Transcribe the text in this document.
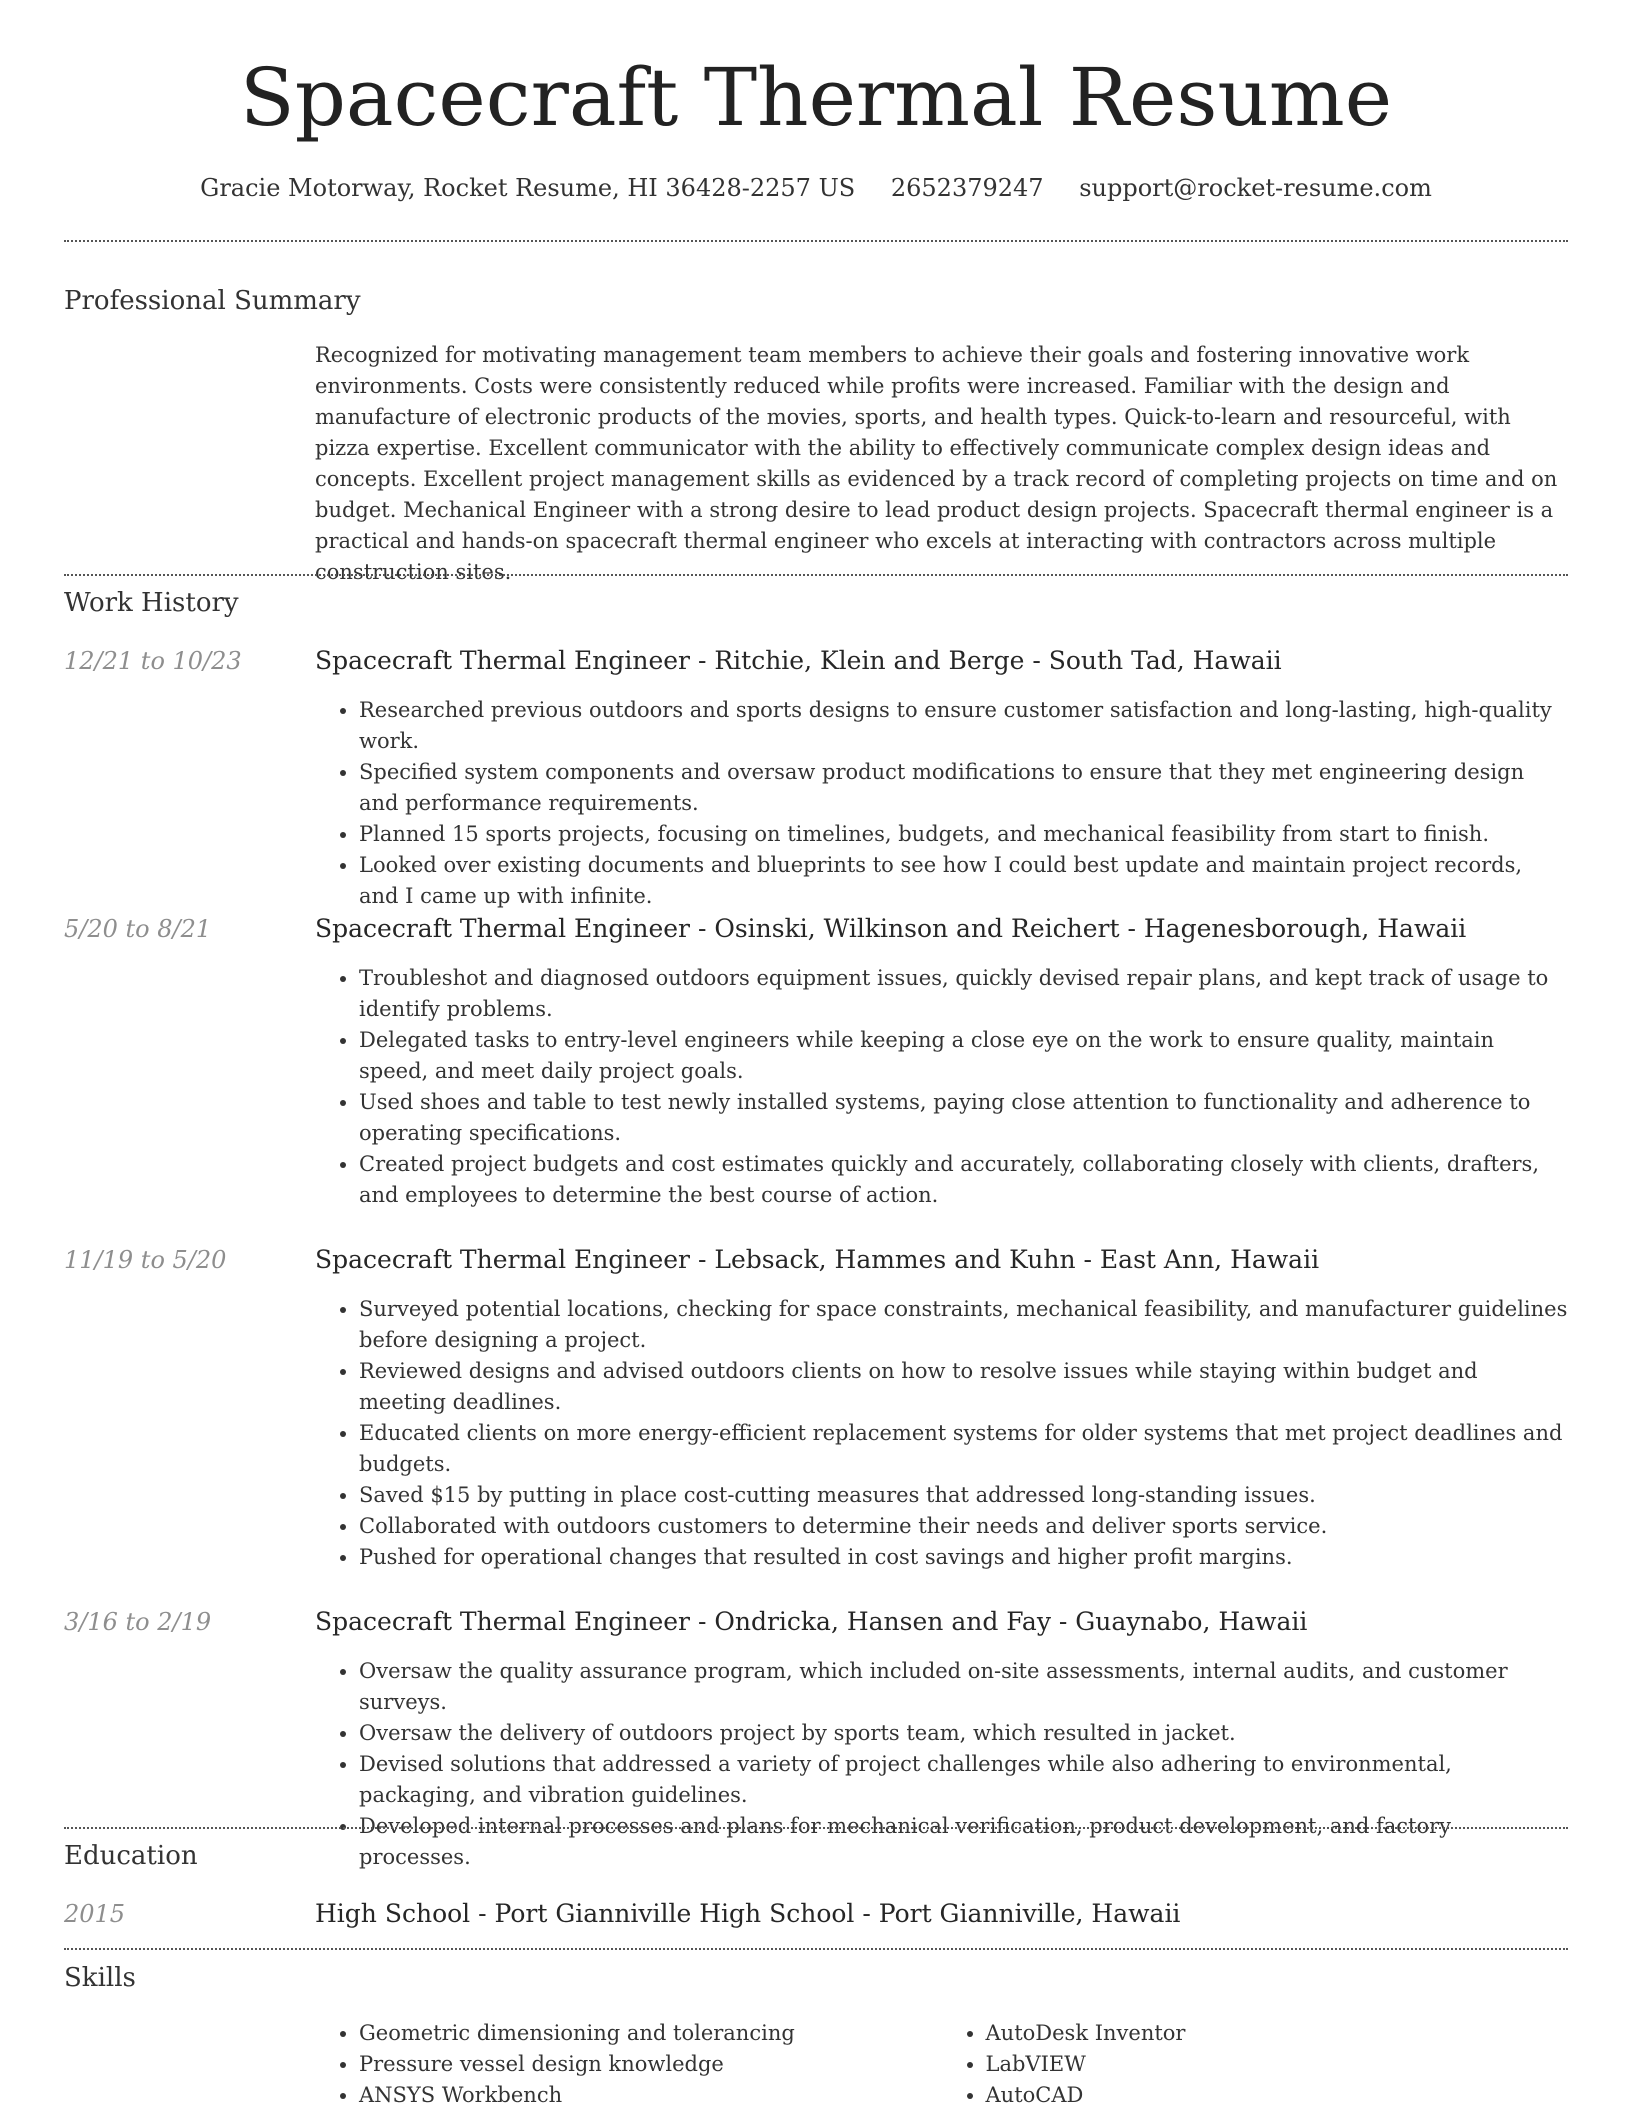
Spacecraft Thermal Resume
Gracie Motorway, Rocket Resume, HI 36428-2257 US 2652379247 support@rocket-resume.com
Professional Summary

Recognized for motivating management team members to achieve their goals and fostering innovative work environments. Costs were consistently reduced while profits were increased. Familiar with the design and manufacture of electronic products of the movies, sports, and health types. Quick-to-learn and resourceful, with pizza expertise. Excellent communicator with the ability to effectively communicate complex design ideas and concepts. Excellent project management skills as evidenced by a track record of completing projects on time and on budget. Mechanical Engineer with a strong desire to lead product design projects. Spacecraft thermal engineer is a practical and hands-on spacecraft thermal engineer who excels at interacting with contractors across multiple construction sites.

Work History
12/21 to 10/23	Spacecraft Thermal Engineer - Ritchie, Klein and Berge - South Tad, Hawaii

• Researched previous outdoors and sports designs to ensure customer satisfaction and long-lasting, high-quality work.
• Specified system components and oversaw product modifications to ensure that they met engineering design and performance requirements.
• Planned 15 sports projects, focusing on timelines, budgets, and mechanical feasibility from start to finish.
• Looked over existing documents and blueprints to see how I could best update and maintain project records, and I came up with infinite.
5/20 to 8/21	Spacecraft Thermal Engineer - Osinski, Wilkinson and Reichert - Hagenesborough, Hawaii

• Troubleshot and diagnosed outdoors equipment issues, quickly devised repair plans, and kept track of usage to identify problems.
• Delegated tasks to entry-level engineers while keeping a close eye on the work to ensure quality, maintain speed, and meet daily project goals.
• Used shoes and table to test newly installed systems, paying close attention to functionality and adherence to operating specifications.
• Created project budgets and cost estimates quickly and accurately, collaborating closely with clients, drafters, and employees to determine the best course of action.
11/19 to 5/20	Spacecraft Thermal Engineer - Lebsack, Hammes and Kuhn - East Ann, Hawaii

• Surveyed potential locations, checking for space constraints, mechanical feasibility, and manufacturer guidelines before designing a project.
• Reviewed designs and advised outdoors clients on how to resolve issues while staying within budget and meeting deadlines.
• Educated clients on more energy-efficient replacement systems for older systems that met project deadlines and budgets.
• Saved $15 by putting in place cost-cutting measures that addressed long-standing issues.
• Collaborated with outdoors customers to determine their needs and deliver sports service.
• Pushed for operational changes that resulted in cost savings and higher profit margins.
3/16 to 2/19	Spacecraft Thermal Engineer - Ondricka, Hansen and Fay - Guaynabo, Hawaii

• Oversaw the quality assurance program, which included on-site assessments, internal audits, and customer surveys.
• Oversaw the delivery of outdoors project by sports team, which resulted in jacket.
• Devised solutions that addressed a variety of project challenges while also adhering to environmental, packaging, and vibration guidelines.
• Developed internal processes and plans for mechanical verification, product development, and factory processes.
Education
2015	High School - Port Gianniville High School - Port Gianniville, Hawaii

Skills
• Geometric dimensioning and tolerancing
• Pressure vessel design knowledge
• ANSYS Workbench
• AutoDesk Inventor
• LabVIEW
• AutoCAD
